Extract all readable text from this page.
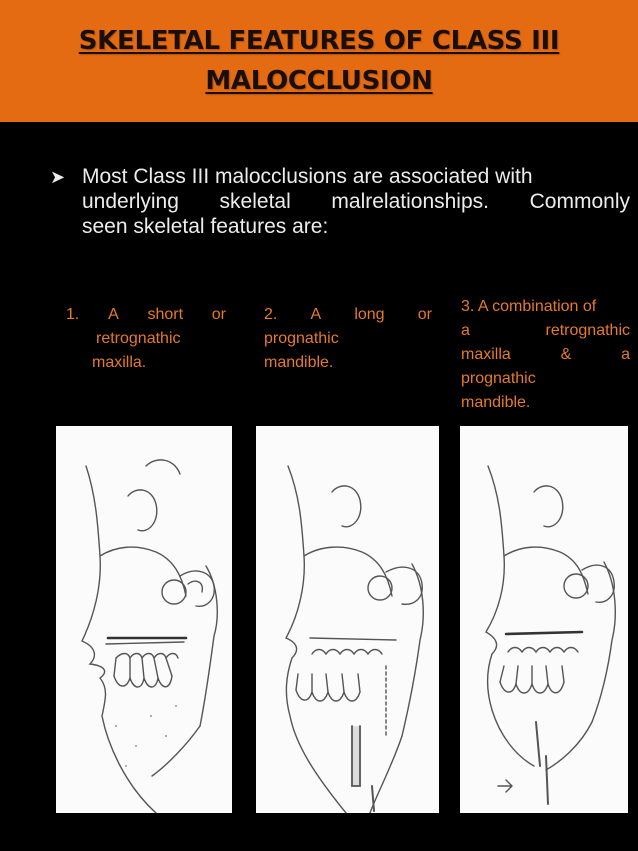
SKELETAL FEATURES OF CLASS III
MALOCCLUSION
➤ Most Class III malocclusions are associated with
underlying skeletal malrelationships. Commonly
seen skeletal features are:
1. A short or
retrognathic
maxilla.
2. A long or
prognathic
mandible.
3. A combination of
a	retrognathic
maxilla	&	a
prognathic
mandible.
